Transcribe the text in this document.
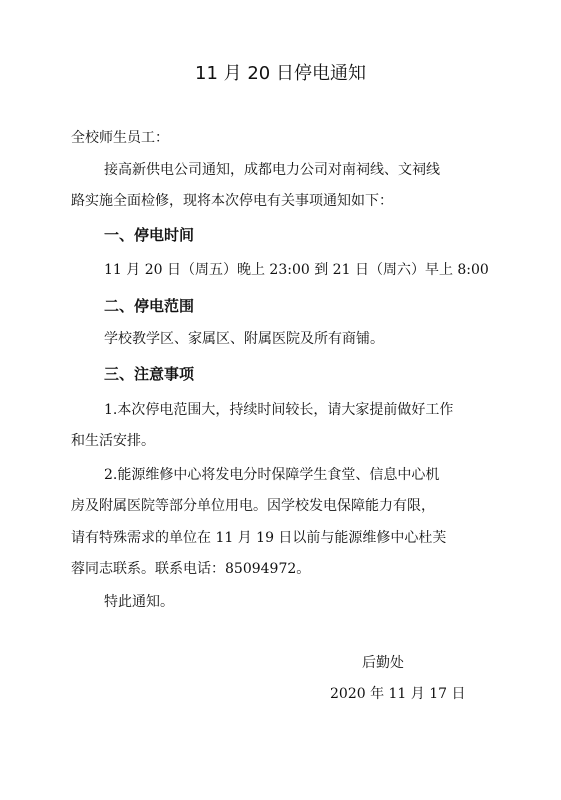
11 月 20 日停电通知

全校师生员工：

接高新供电公司通知，成都电力公司对南祠线、文祠线

路实施全面检修，现将本次停电有关事项通知如下：

一、停电时间

11 月 20 日（周五）晚上 23:00 到 21 日（周六）早上 8:00

二、停电范围

学校教学区、家属区、附属医院及所有商铺。

三、注意事项

1.本次停电范围大，持续时间较长，请大家提前做好工作

和生活安排。

2.能源维修中心将发电分时保障学生食堂、信息中心机

房及附属医院等部分单位用电。因学校发电保障能力有限，

请有特殊需求的单位在 11 月 19 日以前与能源维修中心杜芙

蓉同志联系。联系电话：85094972。

特此通知。

后勤处

2020 年 11 月 17 日
